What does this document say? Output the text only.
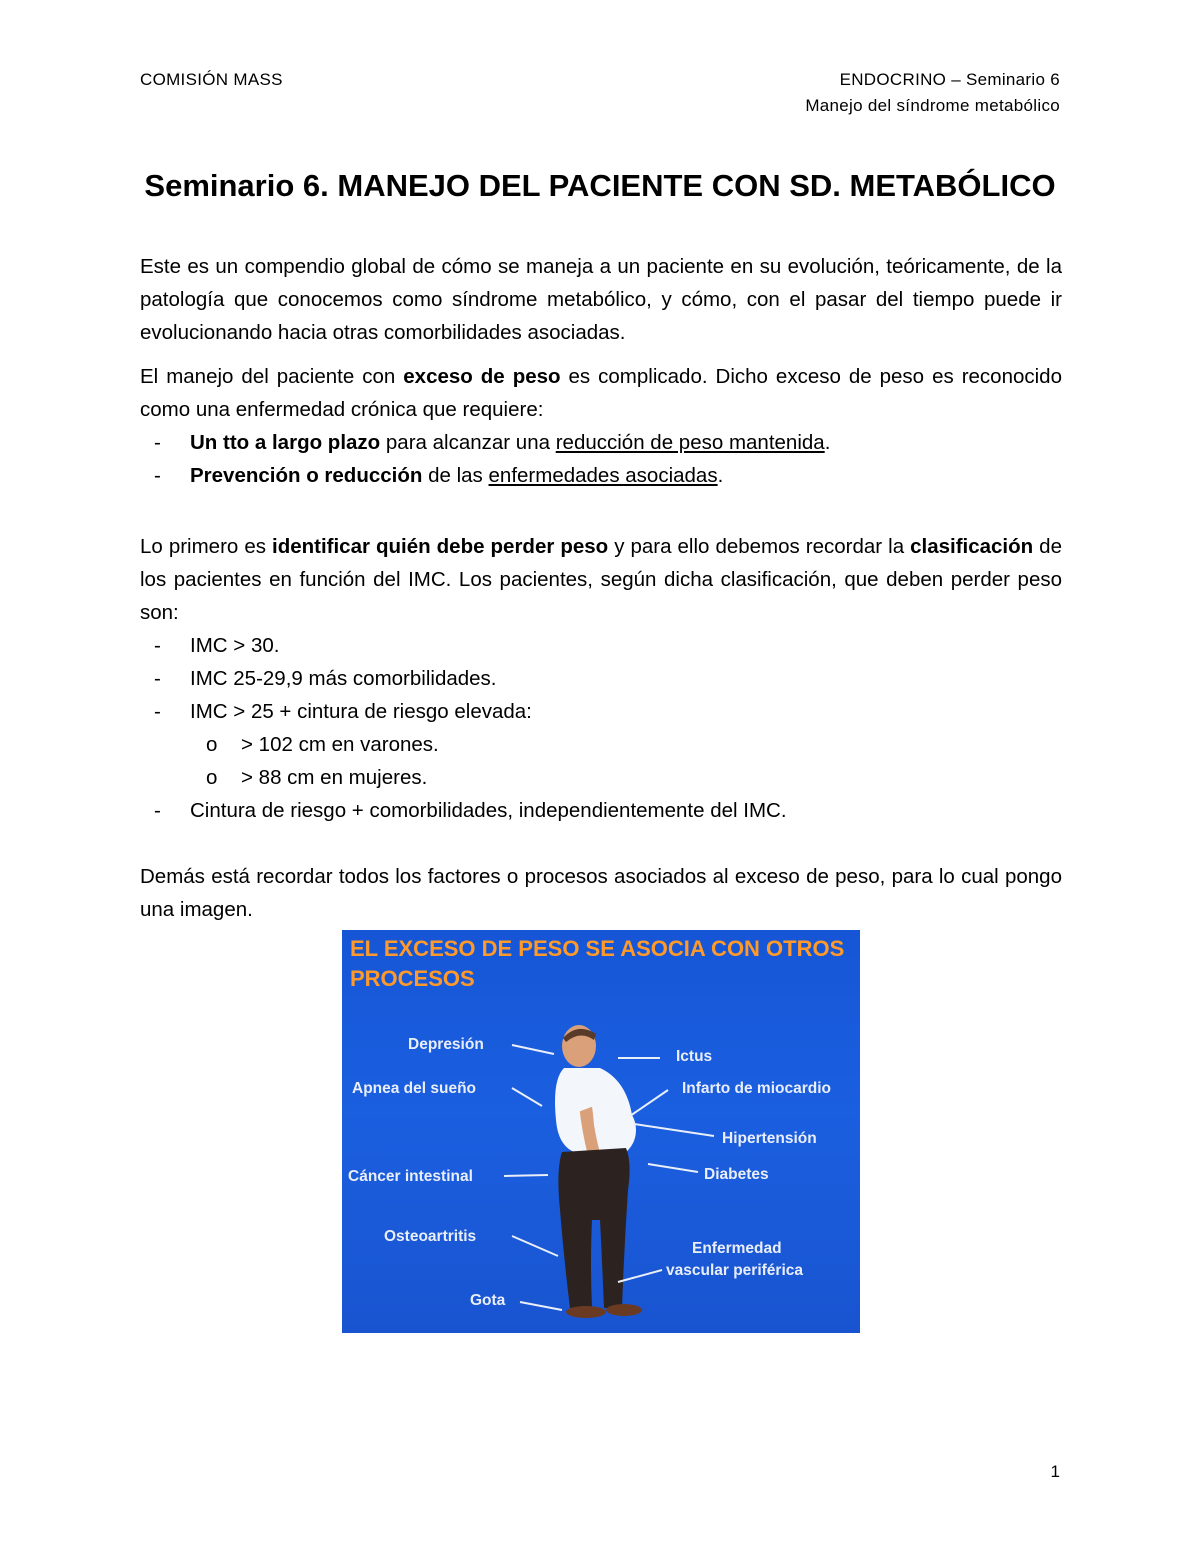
COMISIÓN MASS	ENDOCRINO – Seminario 6
Manejo del síndrome metabólico
Seminario 6. MANEJO DEL PACIENTE CON SD. METABÓLICO

Este es un compendio global de cómo se maneja a un paciente en su evolución, teóricamente, de la patología que conocemos como síndrome metabólico, y cómo, con el pasar del tiempo puede ir evolucionando hacia otras comorbilidades asociadas.

El manejo del paciente con exceso de peso es complicado. Dicho exceso de peso es reconocido como una enfermedad crónica que requiere:

- Un tto a largo plazo para alcanzar una reducción de peso mantenida.
- Prevención o reducción de las enfermedades asociadas.

Lo primero es identificar quién debe perder peso y para ello debemos recordar la clasificación de los pacientes en función del IMC. Los pacientes, según dicha clasificación, que deben perder peso son:

- IMC > 30.
- IMC 25-29,9 más comorbilidades.
- IMC > 25 + cintura de riesgo elevada:
o > 102 cm en varones.
o > 88 cm en mujeres.
- Cintura de riesgo + comorbilidades, independientemente del IMC.

Demás está recordar todos los factores o procesos asociados al exceso de peso, para lo cual pongo una imagen.

EL EXCESO DE PESO SE ASOCIA CON OTROS PROCESOS
Depresión
Apnea del sueño
Cáncer intestinal
Osteoartritis
Gota
Ictus
Infarto de miocardio
Hipertensión
Diabetes
Enfermedad
vascular periférica
1
